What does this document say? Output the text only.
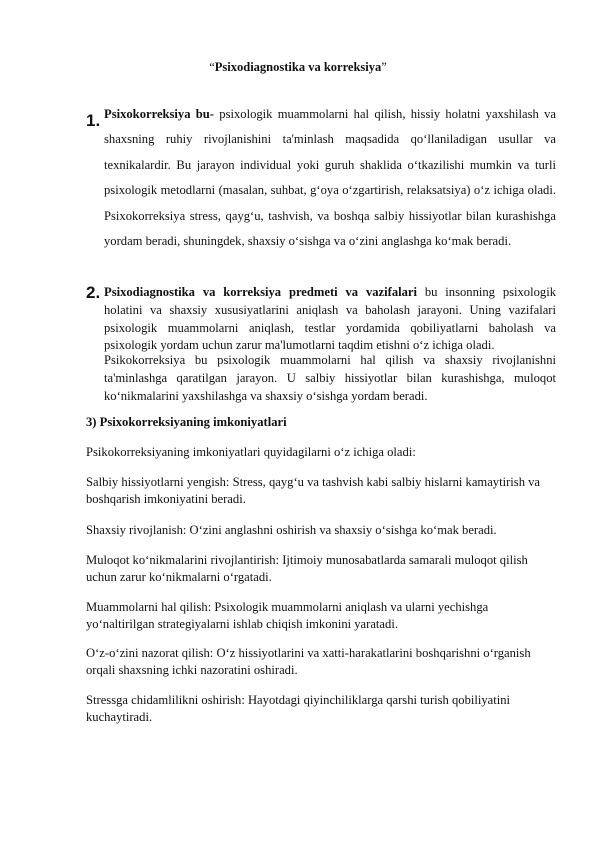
“Psixodiagnostika va korreksiya”
1. Psixokorreksiya bu- psixologik muammolarni hal qilish, hissiy holatni yaxshilash va shaxsning ruhiy rivojlanishini ta'minlash maqsadida qo‘llaniladigan usullar va texnikalardir. Bu jarayon individual yoki guruh shaklida o‘tkazilishi mumkin va turli psixologik metodlarni (masalan, suhbat, g‘oya o‘zgartirish, relaksatsiya) o‘z ichiga oladi. Psixokorreksiya stress, qayg‘u, tashvish, va boshqa salbiy hissiyotlar bilan kurashishga yordam beradi, shuningdek, shaxsiy o‘sishga va o‘zini anglashga ko‘mak beradi.
2. Psixodiagnostika va korreksiya predmeti va vazifalari bu insonning psixologik holatini va shaxsiy xususiyatlarini aniqlash va baholash jarayoni. Uning vazifalari psixologik muammolarni aniqlash, testlar yordamida qobiliyatlarni baholash va psixologik yordam uchun zarur ma'lumotlarni taqdim etishni o‘z ichiga oladi.
Psikokorreksiya bu psixologik muammolarni hal qilish va shaxsiy rivojlanishni ta'minlashga qaratilgan jarayon. U salbiy hissiyotlar bilan kurashishga, muloqot ko‘nikmalarini yaxshilashga va shaxsiy o‘sishga yordam beradi.
3) Psixokorreksiyaning imkoniyatlari
Psikokorreksiyaning imkoniyatlari quyidagilarni o‘z ichiga oladi:
Salbiy hissiyotlarni yengish: Stress, qayg‘u va tashvish kabi salbiy hislarni kamaytirish va boshqarish imkoniyatini beradi.
Shaxsiy rivojlanish: O‘zini anglashni oshirish va shaxsiy o‘sishga ko‘mak beradi.
Muloqot ko‘nikmalarini rivojlantirish: Ijtimoiy munosabatlarda samarali muloqot qilish uchun zarur ko‘nikmalarni o‘rgatadi.
Muammolarni hal qilish: Psixologik muammolarni aniqlash va ularni yechishga yo‘naltirilgan strategiyalarni ishlab chiqish imkonini yaratadi.
O‘z-o‘zini nazorat qilish: O‘z hissiyotlarini va xatti-harakatlarini boshqarishni o‘rganish orqali shaxsning ichki nazoratini oshiradi.
Stressga chidamlilikni oshirish: Hayotdagi qiyinchiliklarga qarshi turish qobiliyatini kuchaytiradi.
